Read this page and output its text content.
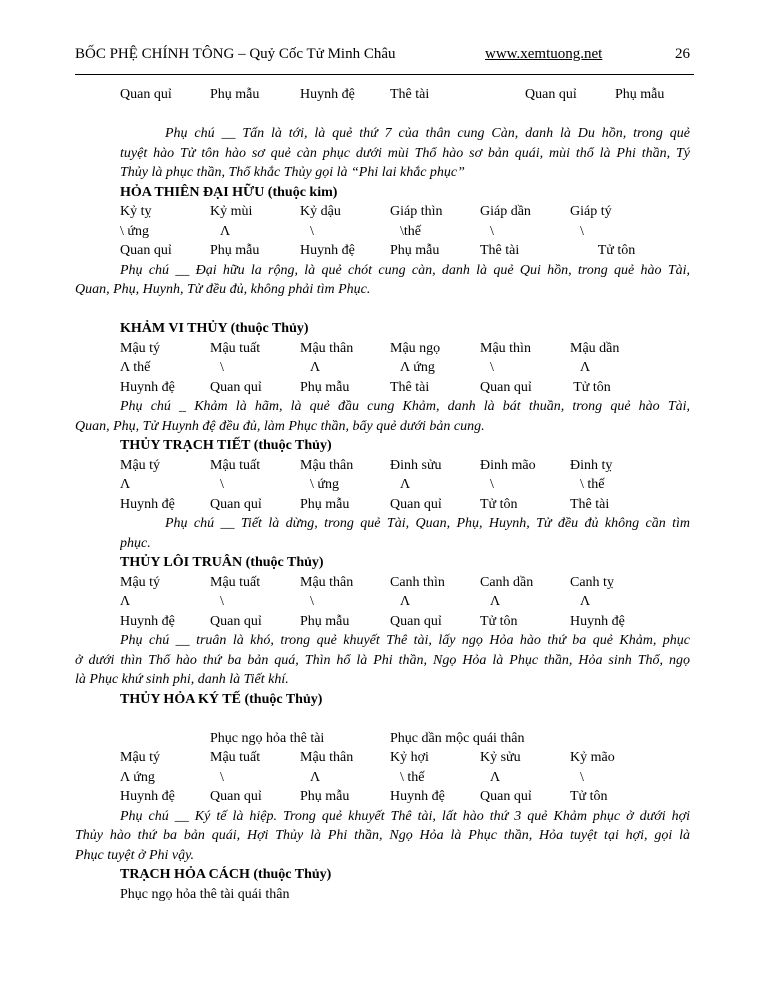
BỐC PHỆ CHÍNH TÔNG – Quỷ Cốc Tử Minh Châu	www.xemtuong.net	26
Quan quỉ	Phụ mẫu	Huynh đệ	Thê tài	Quan quỉ	Phụ mẫu
Phụ chú __ Tấn là tới, là quẻ thứ 7 của thân cung Càn, danh là Du hồn, trong quẻ
tuyệt hào Tử tôn hào sơ quẻ càn phục dưới mùi Thổ hào sơ bản quái, mùi thổ là Phi thần, Tý
Thủy là phục thần, Thổ khắc Thủy gọi là “Phi lai khắc phục”
HỎA THIÊN ĐẠI HỮU (thuộc kim)
Kỷ tỵ	Kỷ mùi	Kỷ dậu	Giáp thìn	Giáp dần	Giáp tý
\ ứng	Λ	\	\thế	\	\
Quan quỉ	Phụ mẫu	Huynh đệ	Phụ mẫu	Thê tài	Tử tôn
Phụ chú __ Đại hữu la rộng, là quẻ chót cung càn, danh là quẻ Qui hồn, trong quẻ hào Tài,
Quan, Phụ, Huynh, Tử đều đủ, không phải tìm Phục.
KHẢM VI THỦY (thuộc Thủy)
Mậu tý	Mậu tuất	Mậu thân	Mậu ngọ	Mậu thìn	Mậu dần
Λ thế	\	Λ	Λ ứng	\	Λ
Huynh đệ	Quan quỉ	Phụ mẫu	Thê tài	Quan quỉ	Tử tôn
Phụ chú _ Khảm là hãm, là quẻ đầu cung Khảm, danh là bát thuần, trong quẻ hào Tài,
Quan, Phụ, Tử Huynh đệ đều đủ, làm Phục thần, bẩy quẻ dưới bản cung.
THỦY TRẠCH TIẾT (thuộc Thủy)
Mậu tý	Mậu tuất	Mậu thân	Đinh sửu	Đinh mão Đinh tỵ
Λ	\	\ ứng	Λ	\	\ thế
Huynh đệ	Quan quỉ	Phụ mẫu	Quan quỉ	Tử tôn	Thê tài
Phụ chú __ Tiết là dừng, trong quẻ Tài, Quan, Phụ, Huynh, Tử đều đủ không cần tìm
phục.
THỦY LÔI TRUÂN (thuộc Thủy)
Mậu tý	Mậu tuất	Mậu thân	Canh thìn	Canh dần	Canh tỵ
Λ	\	\	Λ	Λ	Λ
Huynh đệ	Quan quỉ	Phụ mẫu	Quan quỉ	Tử tôn	Huynh đệ
Phụ chú __ truân là khó, trong quẻ khuyết Thê tài, lấy ngọ Hỏa hào thứ ba quẻ Khảm, phục
ở dưới thìn Thổ hào thứ ba bản quá, Thìn hổ là Phi thần, Ngọ Hỏa là Phục thần, Hỏa sinh Thổ, ngọ
là Phục khứ sinh phi, danh là Tiết khí.
THỦY HỎA KÝ TẾ (thuộc Thủy)
Phục ngọ hỏa thê tài	Phục dần mộc quái thân
Mậu tý	Mậu tuất	Mậu thân	Kỷ hợi	Kỷ sửu	Kỷ mão
Λ ứng	\	Λ	\ thế	Λ	\
Huynh đệ	Quan quỉ	Phụ mẫu	Huynh đệ	Quan quỉ	Tử tôn
Phụ chú __ Ký tế là hiệp. Trong quẻ khuyết Thê tài, lất hào thứ 3 quẻ Khảm phục ở dưới hợi
Thủy hào thứ ba bản quái, Hợi Thủy là Phi thần, Ngọ Hỏa là Phục thần, Hỏa tuyệt tại hợi, gọi là
Phục tuyệt ở Phi vậy.
TRẠCH HỎA CÁCH (thuộc Thủy)
Phục ngọ hỏa thê tài quái thân
